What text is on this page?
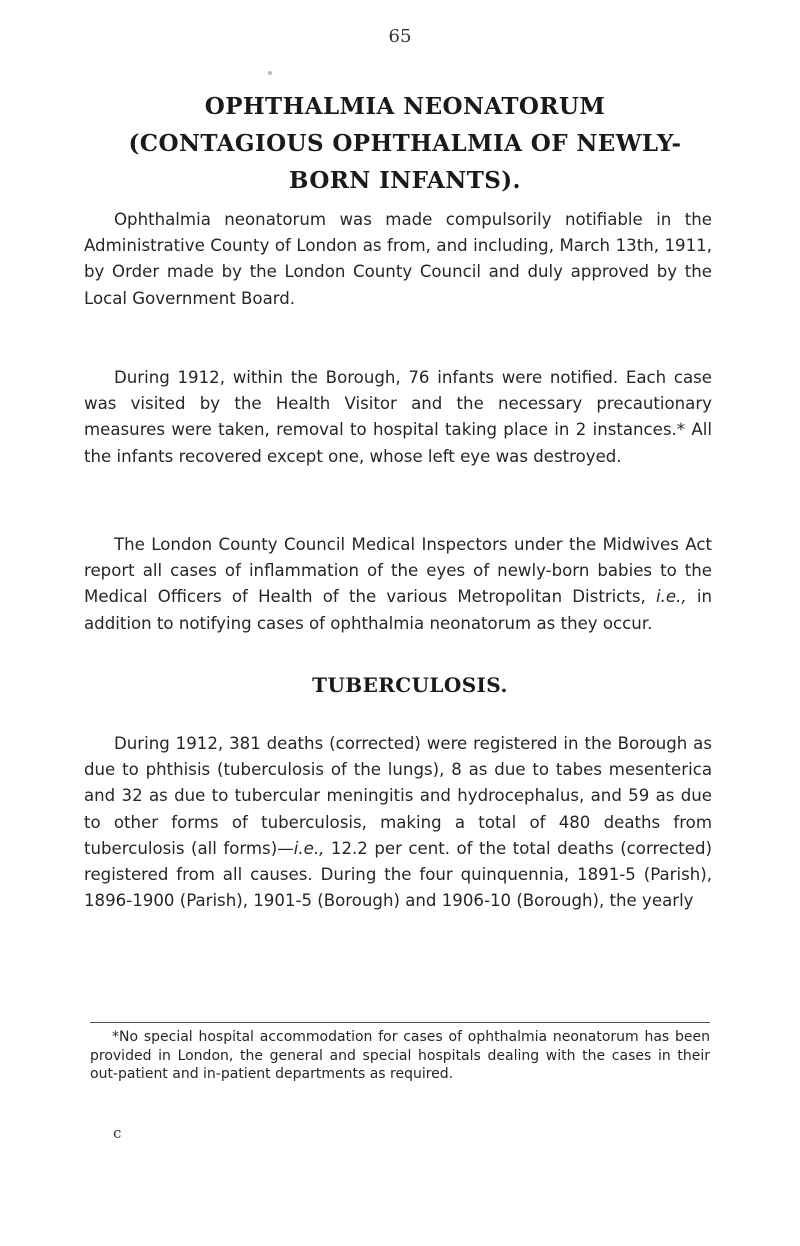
65
OPHTHALMIA NEONATORUM
(CONTAGIOUS OPHTHALMIA OF NEWLY-
BORN INFANTS).

Ophthalmia neonatorum was made compulsorily notifiable in the Administrative County of London as from, and including, March 13th, 1911, by Order made by the London County Council and duly approved by the Local Government Board.

During 1912, within the Borough, 76 infants were notified. Each case was visited by the Health Visitor and the necessary precautionary measures were taken, removal to hospital taking place in 2 instances.* All the infants recovered except one, whose left eye was destroyed.

The London County Council Medical Inspectors under the Midwives Act report all cases of inflammation of the eyes of newly-born babies to the Medical Officers of Health of the various Metropolitan Districts, i.e., in addition to notifying cases of ophthalmia neonatorum as they occur.

TUBERCULOSIS.

During 1912, 381 deaths (corrected) were registered in the Borough as due to phthisis (tuberculosis of the lungs), 8 as due to tabes mesenterica and 32 as due to tubercular meningitis and hydrocephalus, and 59 as due to other forms of tuberculosis, making a total of 480 deaths from tuberculosis (all forms)—i.e., 12.2 per cent. of the total deaths (corrected) registered from all causes. During the four quinquennia, 1891-5 (Parish), 1896-1900 (Parish), 1901-5 (Borough) and 1906-10 (Borough), the yearly

*No special hospital accommodation for cases of ophthalmia neonatorum has been provided in London, the general and special hospitals dealing with the cases in their out-patient and in-patient departments as required.

c
